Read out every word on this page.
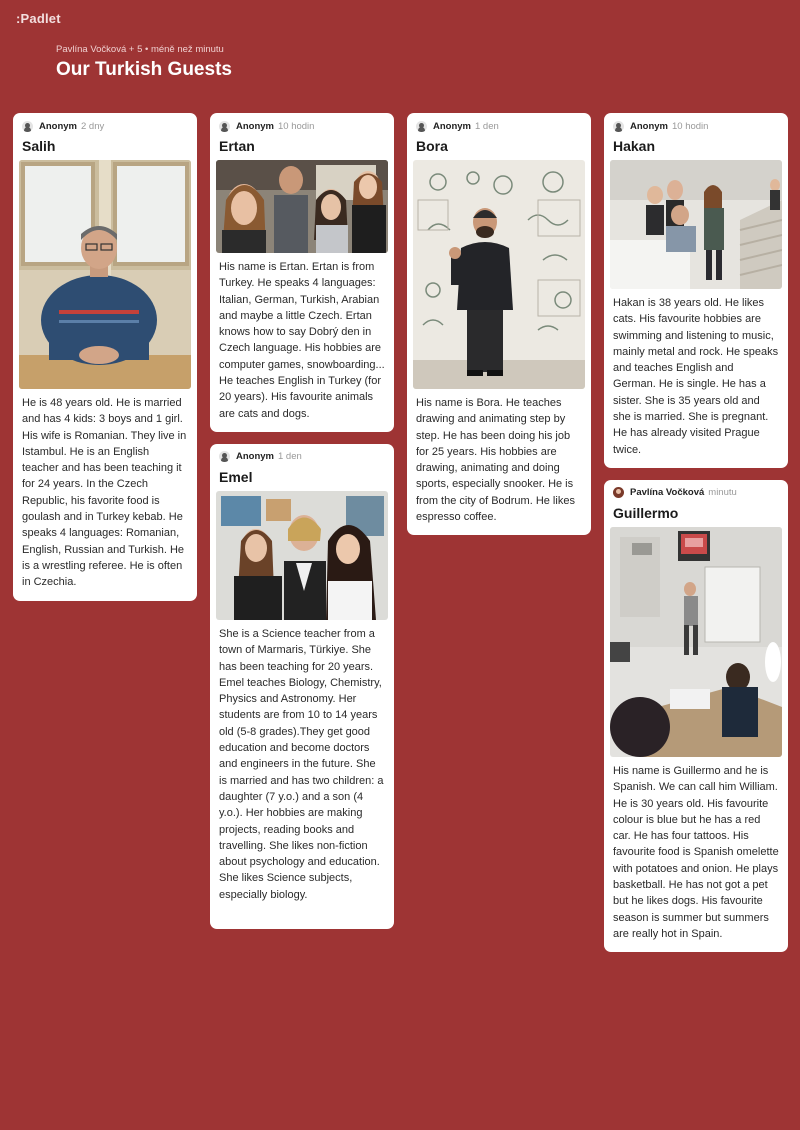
:Padlet
Pavlína Vočková + 5 • méně než minutu
Our Turkish Guests
Anonym 2 dny
Salih
He is 48 years old. He is married and has 4 kids: 3 boys and 1 girl. His wife is Romanian. They live in Istambul. He is an English teacher and has been teaching it for 24 years. In the Czech Republic, his favorite food is goulash and in Turkey kebab. He speaks 4 languages: Romanian, English, Russian and Turkish. He is a wrestling referee. He is often in Czechia.
Anonym 10 hodin
Ertan
His name is Ertan. Ertan is from Turkey. He speaks 4 languages: Italian, German, Turkish, Arabian and maybe a little Czech. Ertan knows how to say Dobrý den in Czech language. His hobbies are computer games, snowboarding... He teaches English in Turkey (for 20 years). His favourite animals are cats and dogs.
Anonym 1 den
Emel
She is a Science teacher from a town of Marmaris, Türkiye. She has been teaching for 20 years. Emel teaches Biology, Chemistry, Physics and Astronomy. Her students are from 10 to 14 years old (5-8 grades).They get good education and become doctors and engineers in the future. She is married and has two children: a daughter (7 y.o.) and a son (4 y.o.). Her hobbies are making projects, reading books and travelling. She likes non-fiction about psychology and education. She likes Science subjects, especially biology.
Anonym 1 den
Bora
His name is Bora. He teaches drawing and animating step by step. He has been doing his job for 25 years. His hobbies are drawing, animating and doing sports, especially snooker. He is from the city of Bodrum. He likes espresso coffee.
Anonym 10 hodin
Hakan
Hakan is 38 years old. He likes cats. His favourite hobbies are swimming and listening to music, mainly metal and rock. He speaks and teaches English and German. He is single. He has a sister. She is 35 years old and she is married. She is pregnant. He has already visited Prague twice.
Pavlína Vočková minutu
Guillermo
His name is Guillermo and he is Spanish. We can call him William. He is 30 years old. His favourite colour is blue but he has a red car. He has four tattoos. His favourite food is Spanish omelette with potatoes and onion. He plays basketball. He has not got a pet but he likes dogs. His favourite season is summer but summers are really hot in Spain.
